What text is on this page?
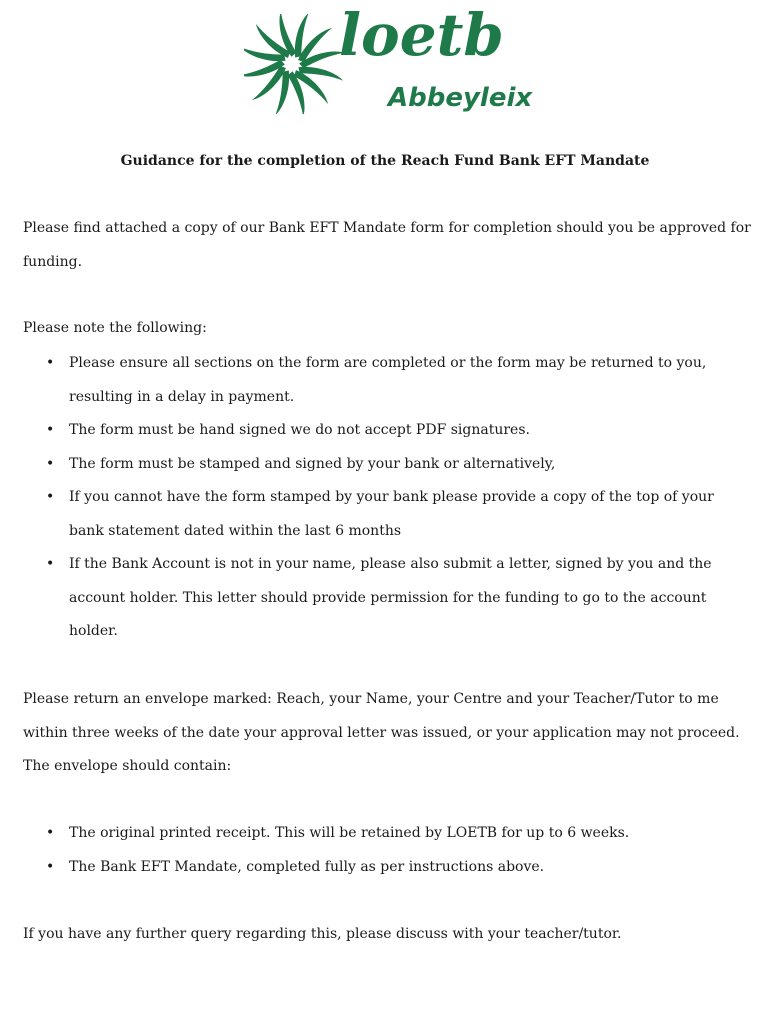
loetb
Abbeyleix
Guidance for the completion of the Reach Fund Bank EFT Mandate

Please find attached a copy of our Bank EFT Mandate form for completion should you be approved for funding.

Please note the following:

• Please ensure all sections on the form are completed or the form may be returned to you, resulting in a delay in payment.
• The form must be hand signed we do not accept PDF signatures.
• The form must be stamped and signed by your bank or alternatively,
• If you cannot have the form stamped by your bank please provide a copy of the top of your bank statement dated within the last 6 months
• If the Bank Account is not in your name, please also submit a letter, signed by you and the account holder. This letter should provide permission for the funding to go to the account holder.

Please return an envelope marked: Reach, your Name, your Centre and your Teacher/Tutor to me within three weeks of the date your approval letter was issued, or your application may not proceed. The envelope should contain:

• The original printed receipt. This will be retained by LOETB for up to 6 weeks.
• The Bank EFT Mandate, completed fully as per instructions above.

If you have any further query regarding this, please discuss with your teacher/tutor.
